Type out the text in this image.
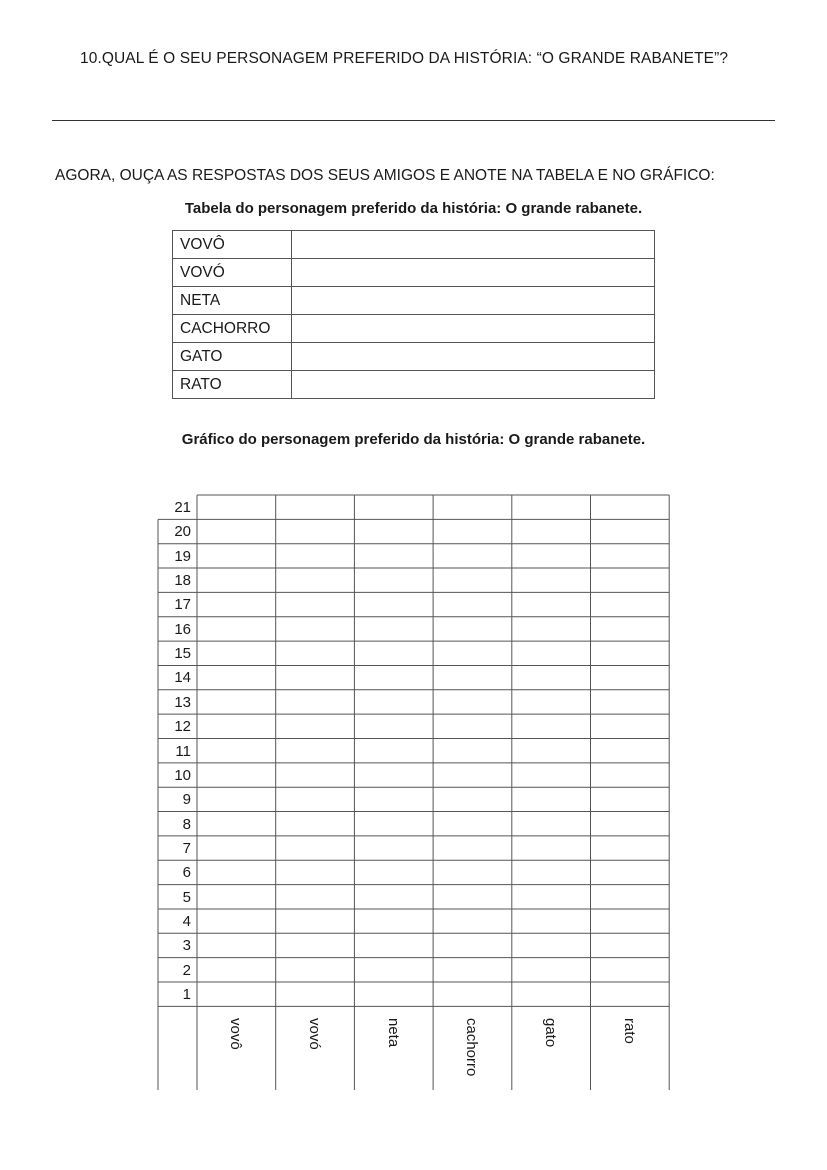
10.QUAL É O SEU PERSONAGEM PREFERIDO DA HISTÓRIA: “O GRANDE RABANETE”?
AGORA, OUÇA AS RESPOSTAS DOS SEUS AMIGOS E ANOTE NA TABELA E NO GRÁFICO:
Tabela do personagem preferido da história: O grande rabanete.
VOVÔ	
VOVÓ	
NETA	
CACHORRO	
GATO	
RATO	
Gráfico do personagem preferido da história: O grande rabanete.
21
20
19
18
17
16
15
14
13
12
11
10
9
8
7
6
5
4
3
2
1
vovô	vovó	neta	cachorro	gato	rato
